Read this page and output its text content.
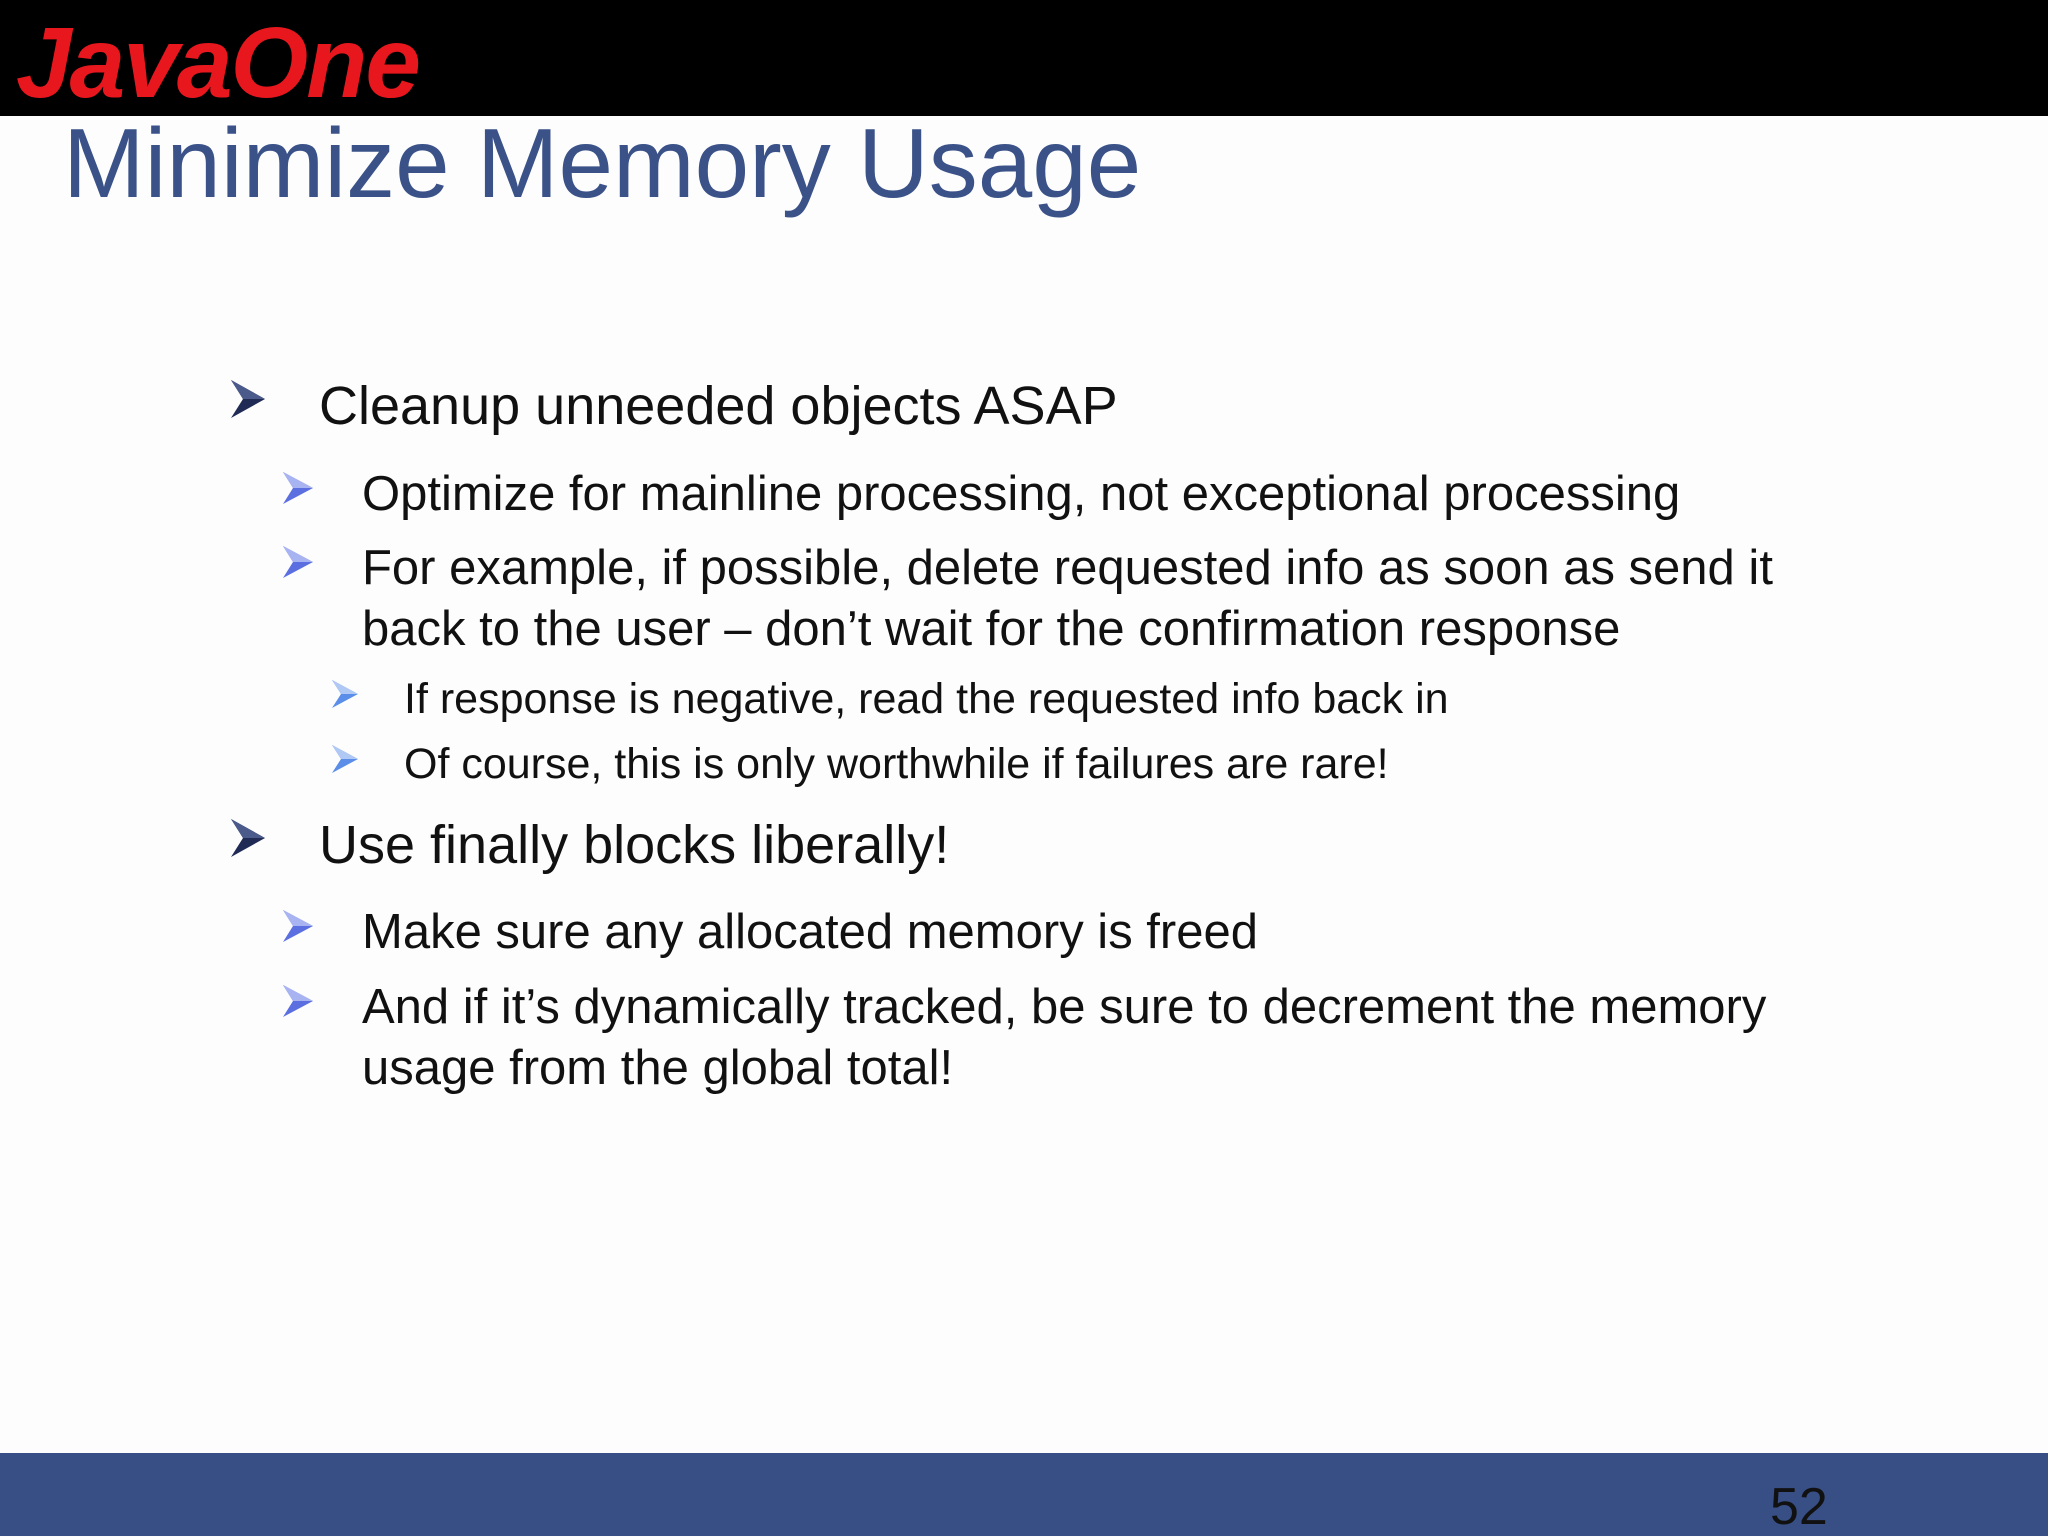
JavaOne
Minimize Memory Usage
Cleanup unneeded objects ASAP
Optimize for mainline processing, not exceptional processing
For example, if possible, delete requested info as soon as send it
back to the user – don’t wait for the confirmation response
If response is negative, read the requested info back in
Of course, this is only worthwhile if failures are rare!
Use finally blocks liberally!
Make sure any allocated memory is freed
And if it’s dynamically tracked, be sure to decrement the memory
usage from the global total!
52
